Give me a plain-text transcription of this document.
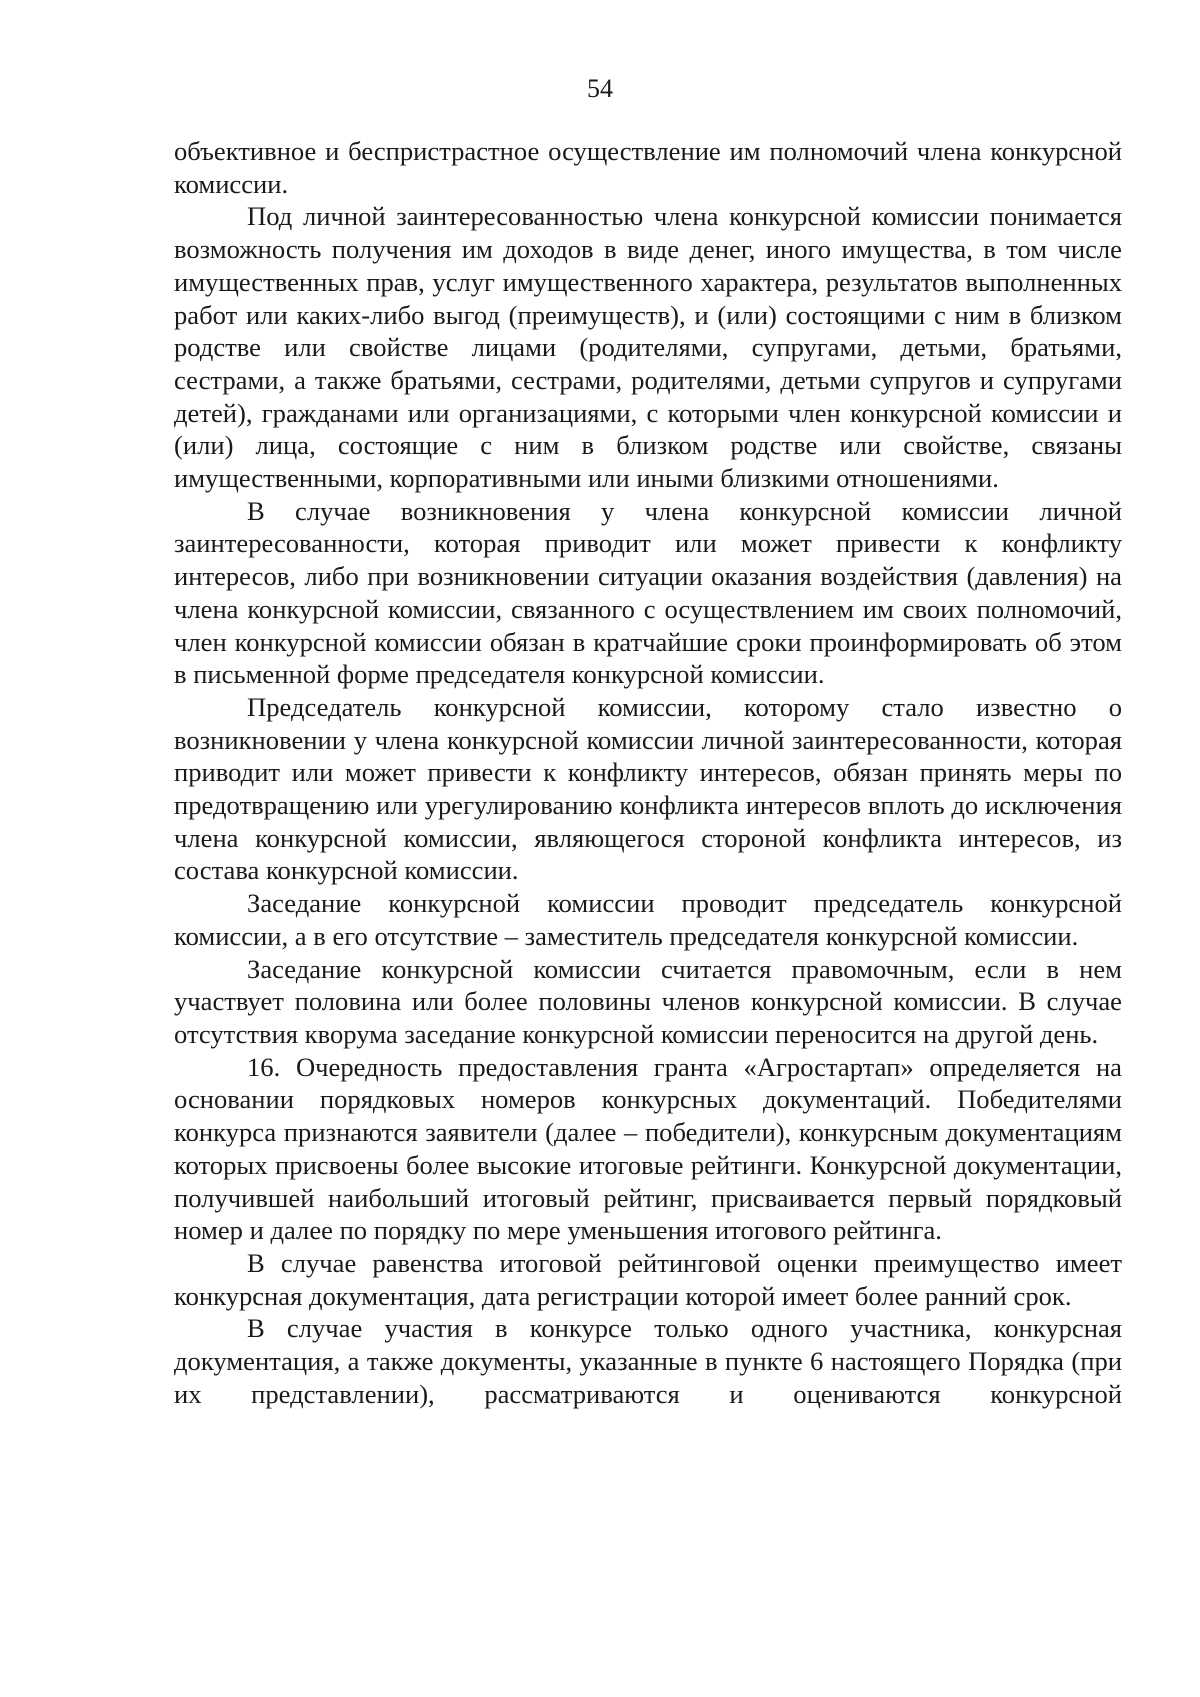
54

объективное и беспристрастное осуществление им полномочий члена конкурсной комиссии.

Под личной заинтересованностью члена конкурсной комиссии понимается возможность получения им доходов в виде денег, иного имущества, в том числе имущественных прав, услуг имущественного характера, результатов выполненных работ или каких-либо выгод (преимуществ), и (или) состоящими с ним в близком родстве или свойстве лицами (родителями, супругами, детьми, братьями, сестрами, а также братьями, сестрами, родителями, детьми супругов и супругами детей), гражданами или организациями, с которыми член конкурсной комиссии и (или) лица, состоящие с ним в близком родстве или свойстве, связаны имущественными, корпоративными или иными близкими отношениями.

В случае возникновения у члена конкурсной комиссии личной заинтересованности, которая приводит или может привести к конфликту интересов, либо при возникновении ситуации оказания воздействия (давления) на члена конкурсной комиссии, связанного с осуществлением им своих полномочий, член конкурсной комиссии обязан в кратчайшие сроки проинформировать об этом в письменной форме председателя конкурсной комиссии.

Председатель конкурсной комиссии, которому стало известно о возникновении у члена конкурсной комиссии личной заинтересованности, которая приводит или может привести к конфликту интересов, обязан принять меры по предотвращению или урегулированию конфликта интересов вплоть до исключения члена конкурсной комиссии, являющегося стороной конфликта интересов, из состава конкурсной комиссии.

Заседание конкурсной комиссии проводит председатель конкурсной комиссии, а в его отсутствие – заместитель председателя конкурсной комиссии.

Заседание конкурсной комиссии считается правомочным, если в нем участвует половина или более половины членов конкурсной комиссии. В случае отсутствия кворума заседание конкурсной комиссии переносится на другой день.

16. Очередность предоставления гранта «Агростартап» определяется на основании порядковых номеров конкурсных документаций. Победителями конкурса признаются заявители (далее – победители), конкурсным документациям которых присвоены более высокие итоговые рейтинги. Конкурсной документации, получившей наибольший итоговый рейтинг, присваивается первый порядковый номер и далее по порядку по мере уменьшения итогового рейтинга.

В случае равенства итоговой рейтинговой оценки преимущество имеет конкурсная документация, дата регистрации которой имеет более ранний срок.

В случае участия в конкурсе только одного участника, конкурсная документация, а также документы, указанные в пункте 6 настоящего Порядка (при их представлении), рассматриваются и оцениваются конкурсной
